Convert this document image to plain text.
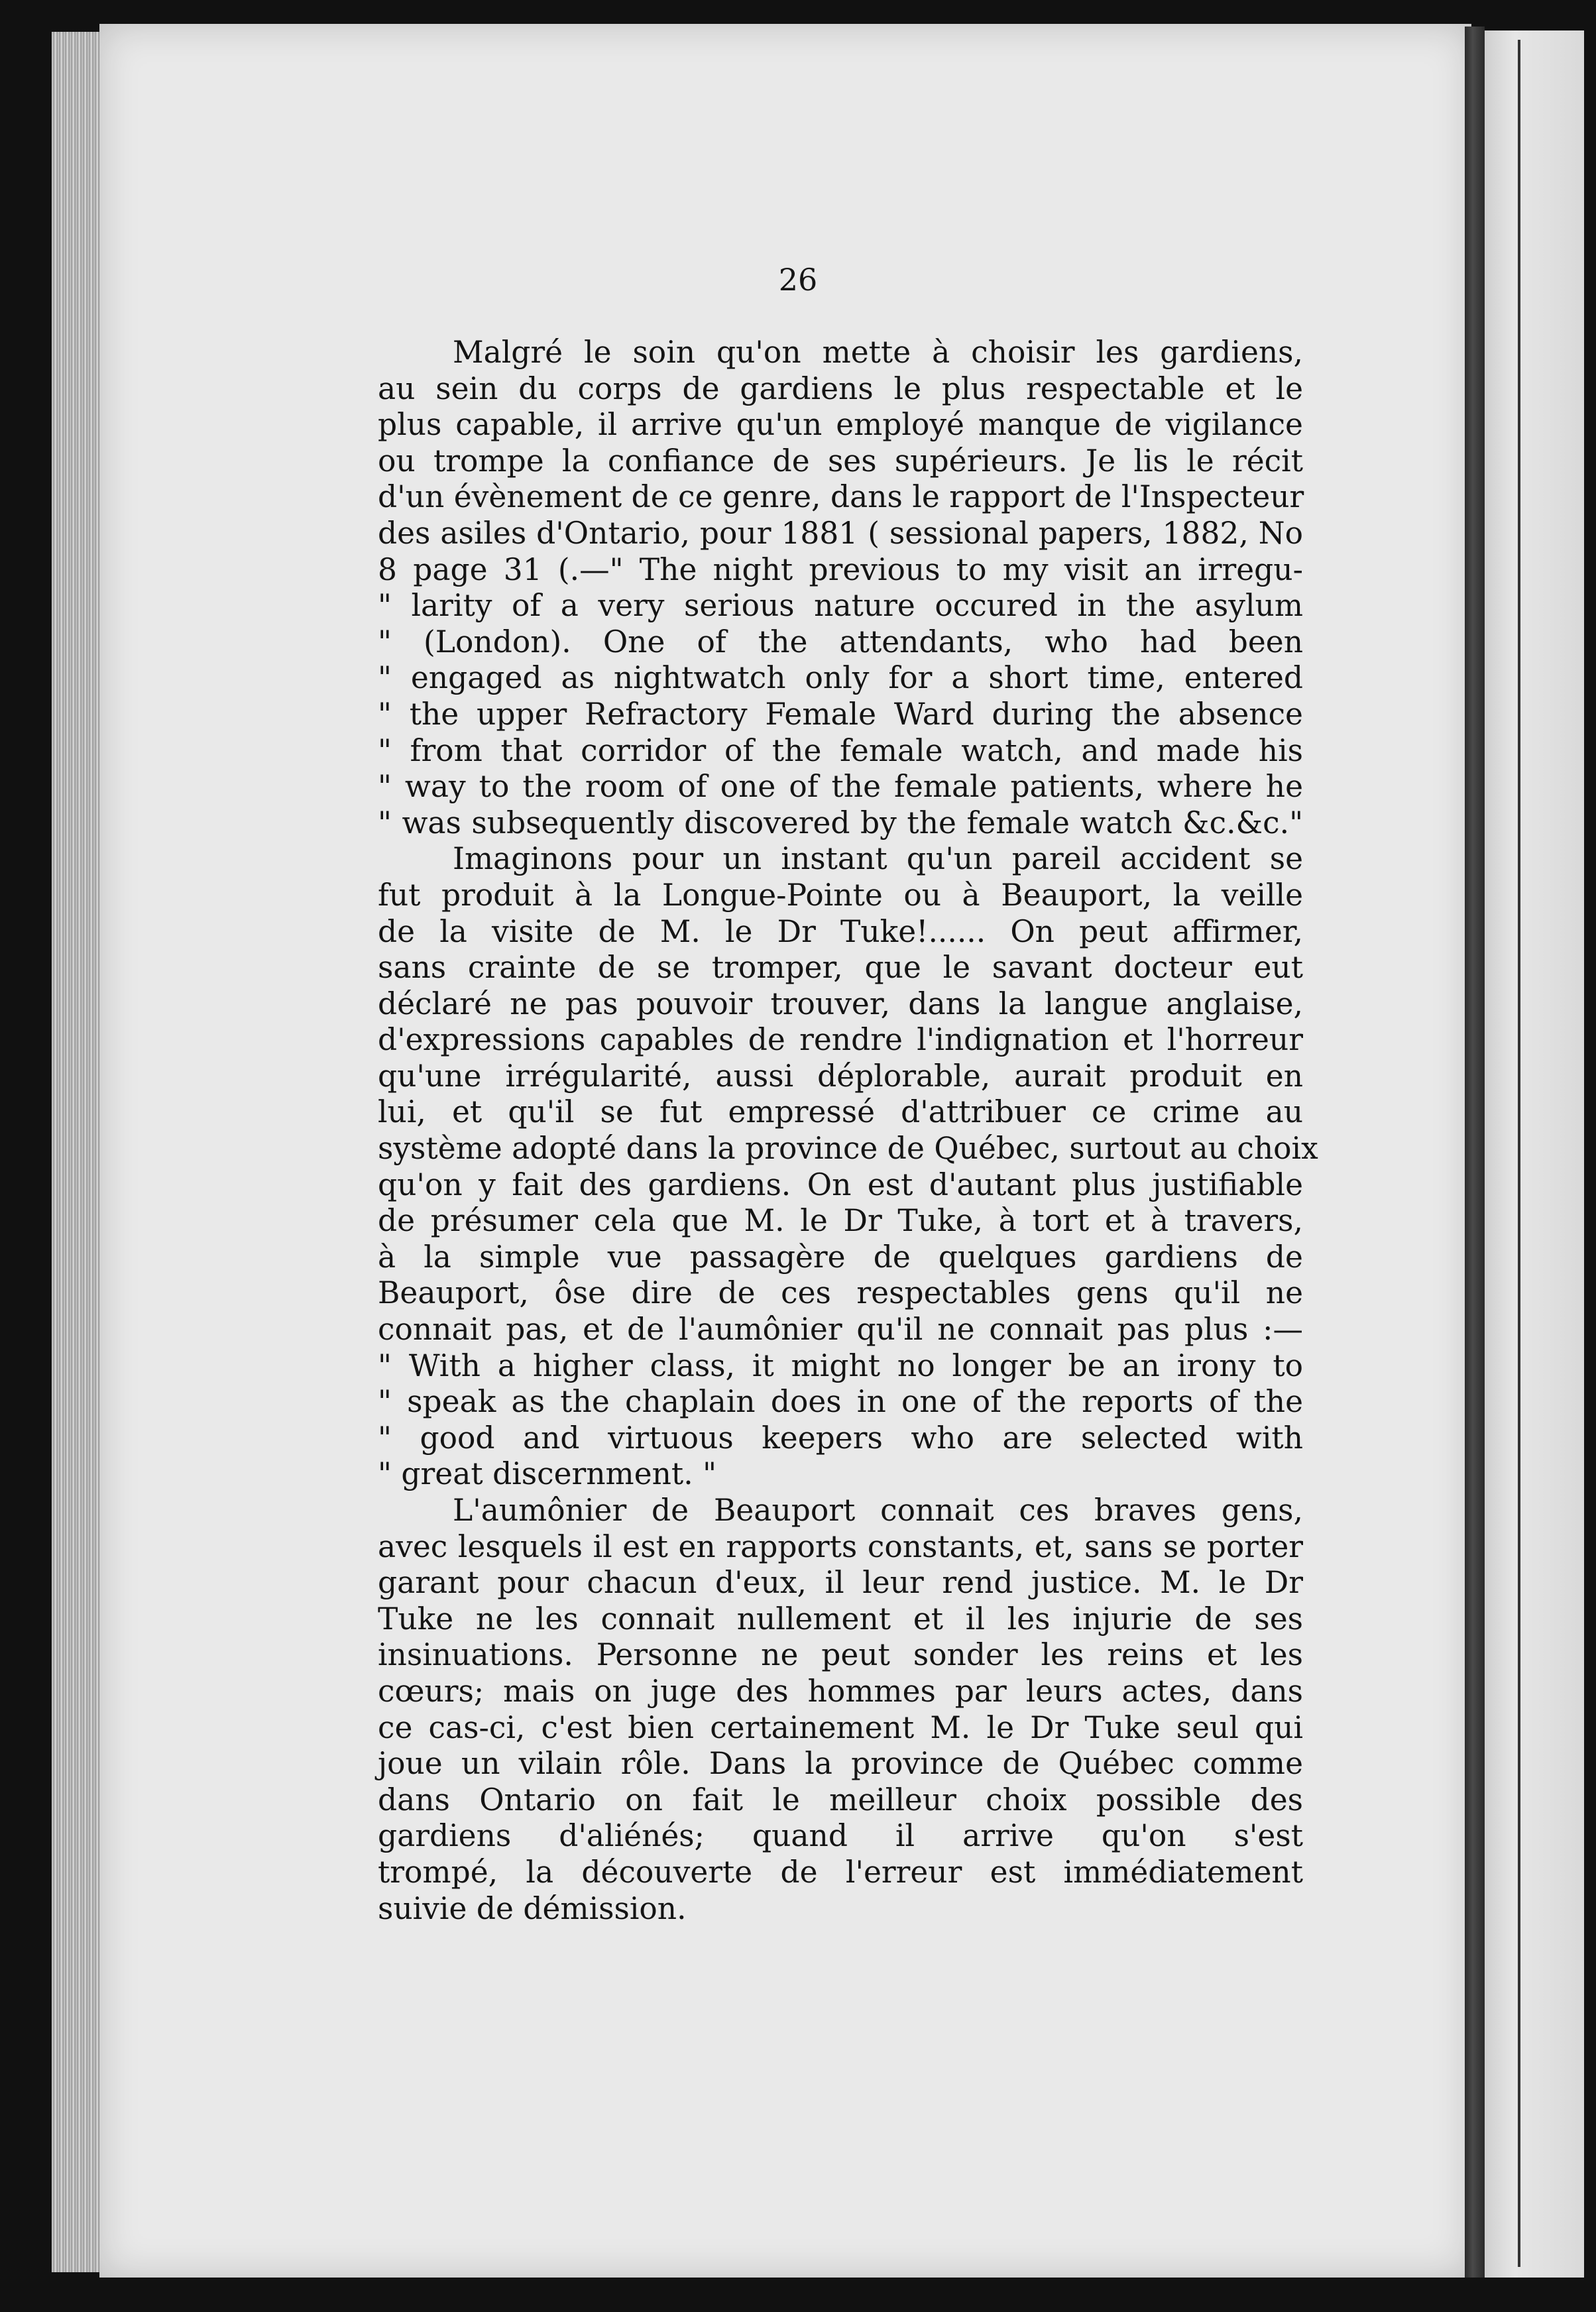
26
Malgré le soin qu'on mette à choisir les gardiens,
au sein du corps de gardiens le plus respectable et le
plus capable, il arrive qu'un employé manque de vigilance
ou trompe la confiance de ses supérieurs. Je lis le récit
d'un évènement de ce genre, dans le rapport de l'Inspecteur
des asiles d'Ontario, pour 1881 ( sessional papers, 1882, No
8 page 31 (.—" The night previous to my visit an irregu-
" larity of a very serious nature occured in the asylum
" (London). One of the attendants, who had been
" engaged as nightwatch only for a short time, entered
" the upper Refractory Female Ward during the absence
" from that corridor of the female watch, and made his
" way to the room of one of the female patients, where he
" was subsequently discovered by the female watch &c.&c."
Imaginons pour un instant qu'un pareil accident se
fut produit à la Longue-Pointe ou à Beauport, la veille
de la visite de M. le Dr Tuke!...... On peut affirmer,
sans crainte de se tromper, que le savant docteur eut
déclaré ne pas pouvoir trouver, dans la langue anglaise,
d'expressions capables de rendre l'indignation et l'horreur
qu'une irrégularité, aussi déplorable, aurait produit en
lui, et qu'il se fut empressé d'attribuer ce crime au
système adopté dans la province de Québec, surtout au choix
qu'on y fait des gardiens. On est d'autant plus justifiable
de présumer cela que M. le Dr Tuke, à tort et à travers,
à la simple vue passagère de quelques gardiens de
Beauport, ôse dire de ces respectables gens qu'il ne
connait pas, et de l'aumônier qu'il ne connait pas plus :—
" With a higher class, it might no longer be an irony to
" speak as the chaplain does in one of the reports of the
" good and virtuous keepers who are selected with
" great discernment. "
L'aumônier de Beauport connait ces braves gens,
avec lesquels il est en rapports constants, et, sans se porter
garant pour chacun d'eux, il leur rend justice. M. le Dr
Tuke ne les connait nullement et il les injurie de ses
insinuations. Personne ne peut sonder les reins et les
cœurs; mais on juge des hommes par leurs actes, dans
ce cas-ci, c'est bien certainement M. le Dr Tuke seul qui
joue un vilain rôle. Dans la province de Québec comme
dans Ontario on fait le meilleur choix possible des
gardiens d'aliénés; quand il arrive qu'on s'est
trompé, la découverte de l'erreur est immédiatement
suivie de démission.
